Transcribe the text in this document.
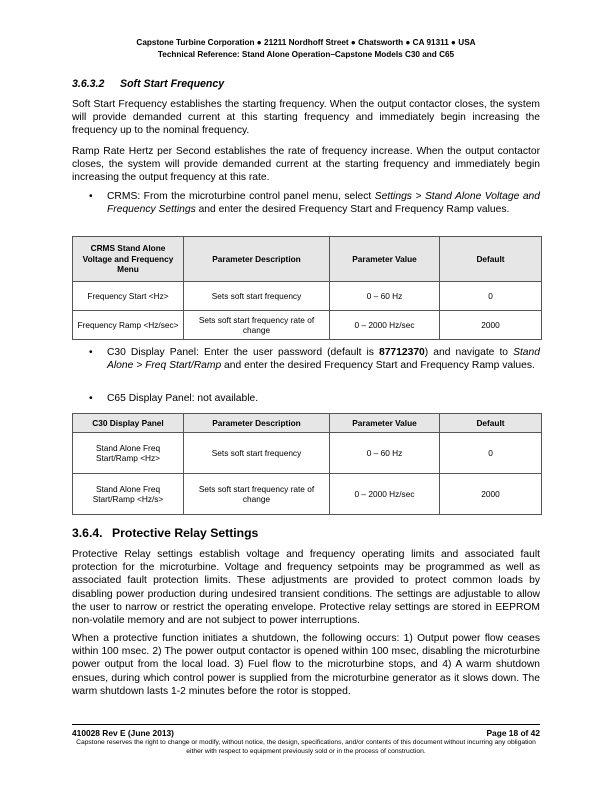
Capstone Turbine Corporation ● 21211 Nordhoff Street ● Chatsworth ● CA 91311 ● USA
Technical Reference: Stand Alone Operation–Capstone Models C30 and C65
3.6.3.2 Soft Start Frequency

Soft Start Frequency establishes the starting frequency. When the output contactor closes, the system will provide demanded current at this starting frequency and immediately begin increasing the frequency up to the nominal frequency.

Ramp Rate Hertz per Second establishes the rate of frequency increase. When the output contactor closes, the system will provide demanded current at the starting frequency and immediately begin increasing the output frequency at this rate.

• CRMS: From the microturbine control panel menu, select Settings > Stand Alone Voltage and Frequency Settings and enter the desired Frequency Start and Frequency Ramp values.
CRMS Stand Alone Voltage and Frequency Menu	Parameter Description	Parameter Value	Default
Frequency Start <Hz>	Sets soft start frequency	0 – 60 Hz	0
Frequency Ramp <Hz/sec>	Sets soft start frequency rate of change	0 – 2000 Hz/sec	2000
• C30 Display Panel: Enter the user password (default is 87712370) and navigate to Stand Alone > Freq Start/Ramp and enter the desired Frequency Start and Frequency Ramp values.
• C65 Display Panel: not available.
C30 Display Panel	Parameter Description	Parameter Value	Default
Stand Alone Freq Start/Ramp <Hz>	Sets soft start frequency	0 – 60 Hz	0
Stand Alone Freq Start/Ramp <Hz/s>	Sets soft start frequency rate of change	0 – 2000 Hz/sec	2000
3.6.4. Protective Relay Settings

Protective Relay settings establish voltage and frequency operating limits and associated fault protection for the microturbine. Voltage and frequency setpoints may be programmed as well as associated fault protection limits. These adjustments are provided to protect common loads by disabling power production during undesired transient conditions. The settings are adjustable to allow the user to narrow or restrict the operating envelope. Protective relay settings are stored in EEPROM non-volatile memory and are not subject to power interruptions.

When a protective function initiates a shutdown, the following occurs: 1) Output power flow ceases within 100 msec. 2) The power output contactor is opened within 100 msec, disabling the microturbine power output from the local load. 3) Fuel flow to the microturbine stops, and 4) A warm shutdown ensues, during which control power is supplied from the microturbine generator as it slows down. The warm shutdown lasts 1-2 minutes before the rotor is stopped.

410028 Rev E (June 2013)	Page 18 of 42
Capstone reserves the right to change or modify, without notice, the design, specifications, and/or contents of this document without incurring any obligation either with respect to equipment previously sold or in the process of construction.
